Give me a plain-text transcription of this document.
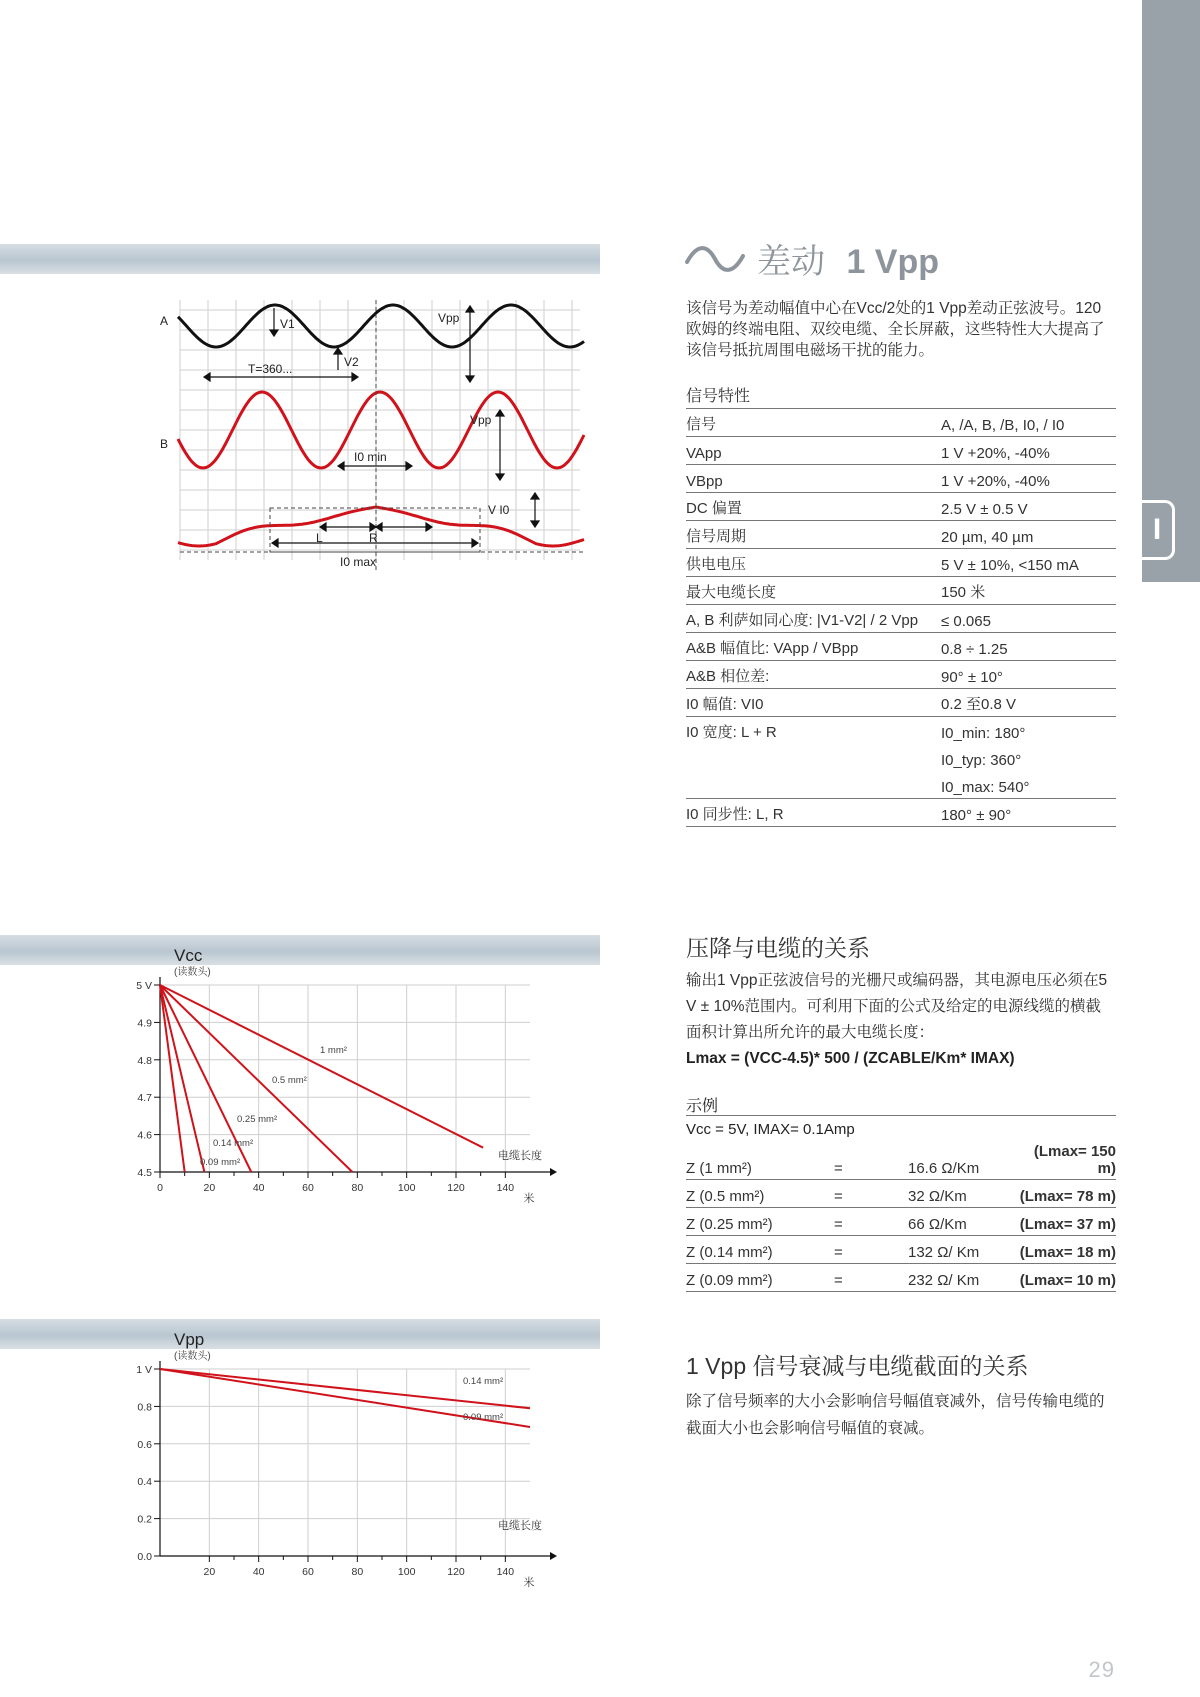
I
差动 1 Vpp
该信号为差动幅值中心在Vcc/2处的1 Vpp差动正弦波号。120欧姆的终端电阻、双绞电缆、全长屏蔽，这些特性大大提高了该信号抵抗周围电磁场干扰的能力。
信号特性	
信号	A, /A, B, /B, I0, / I0
VApp	1 V +20%, -40%
VBpp	1 V +20%, -40%
DC 偏置	2.5 V ± 0.5 V
信号周期	20 µm, 40 µm
供电电压	5 V ± 10%, <150 mA
最大电缆长度	150 米
A, B 利萨如同心度: |V1-V2| / 2 Vpp	≤ 0.065
A&B 幅值比: VApp / VBpp	0.8 ÷ 1.25
A&B 相位差:	90° ± 10°
I0 幅值: VI0	0.2 至0.8 V
I0 宽度: L + R	I0_min: 180°
	I0_typ: 360°
	I0_max: 540°
I0 同步性: L, R	180° ± 90°
A
B
V1
V2
Vpp
Vpp
T=360...
I0 min
V I0
L	R
I0 max
压降与电缆的关系
输出1 Vpp正弦波信号的光栅尺或编码器，其电源电压必须在5 V ± 10%范围内。可利用下面的公式及给定的电源线缆的横截面积计算出所允许的最大电缆长度：
Lmax = (VCC-4.5)* 500 / (ZCABLE/Km* IMAX)
示例
Vcc = 5V, IMAX= 0.1Amp
Z (1 mm²)	=	16.6 Ω/Km	(Lmax= 150 m)
Z (0.5 mm²)	=	32 Ω/Km	(Lmax= 78 m)
Z (0.25 mm²)	=	66 Ω/Km	(Lmax= 37 m)
Z (0.14 mm²)	=	132 Ω/ Km	(Lmax= 18 m)
Z (0.09 mm²)	=	232 Ω/ Km	(Lmax= 10 m)
1 Vpp 信号衰减与电缆截面的关系
除了信号频率的大小会影响信号幅值衰减外，信号传输电缆的截面大小也会影响信号幅值的衰减。
0	20	40	60	80	100	120	140
4.5
4.6
4.7
4.8
4.9
5 V
Vcc
(读数头)
电缆长度
米
1 mm²
0.5 mm²
0.25 mm²
0.14 mm²
0.09 mm²
20	40	60	80	100	120	140
0.0
0.2
0.4
0.6
0.8
1 V
Vpp
(读数头)
电缆长度
米
0.14 mm²
0.09 mm²
29
